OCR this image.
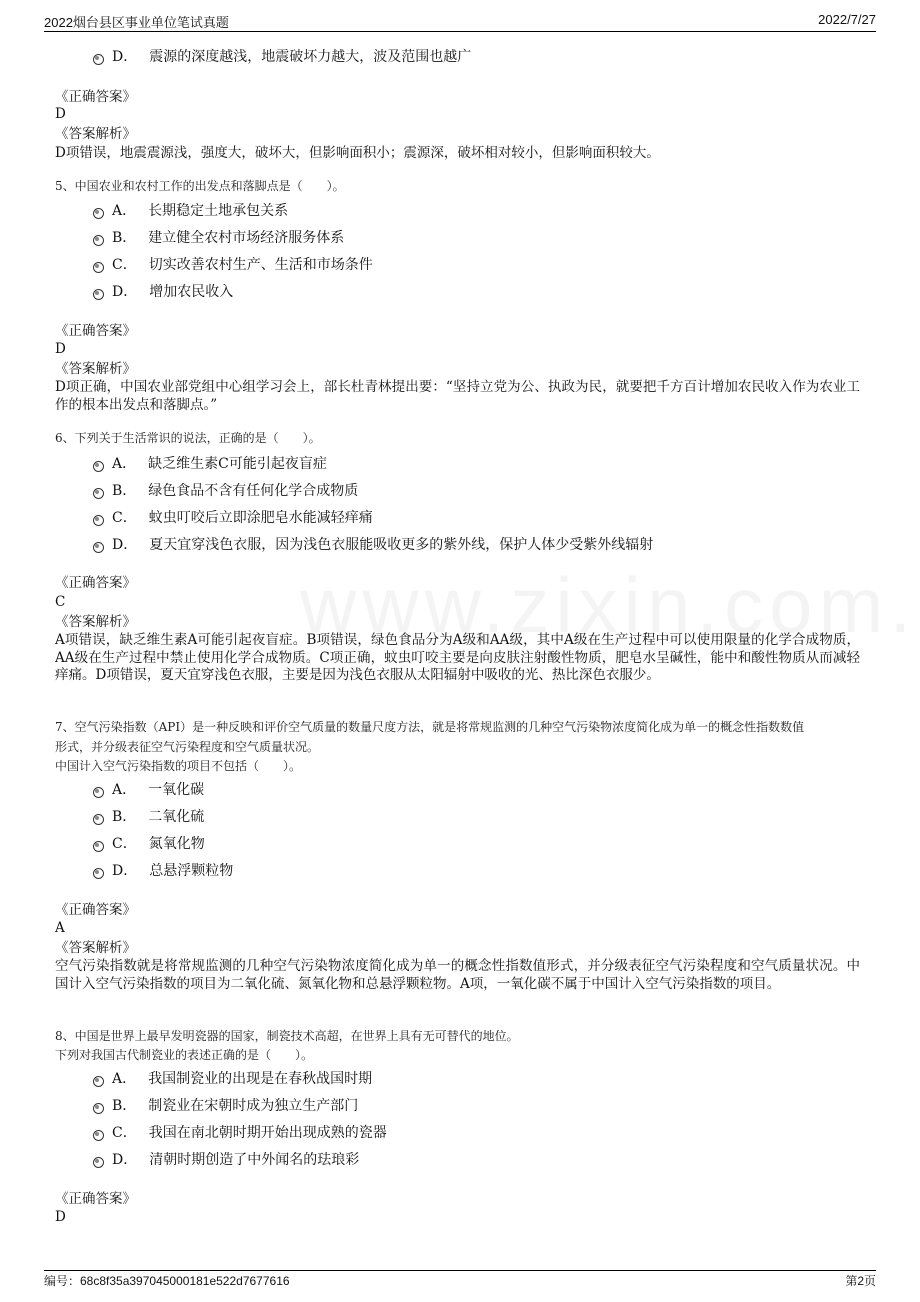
2022烟台县区事业单位笔试真题	2022/7/27
D． 震源的深度越浅，地震破坏力越大，波及范围也越广
《正确答案》
D
《答案解析》
D项错误，地震震源浅，强度大，破坏大，但影响面积小；震源深，破坏相对较小，但影响面积较大。
5、中国农业和农村工作的出发点和落脚点是（　　）。
A． 长期稳定土地承包关系
B． 建立健全农村市场经济服务体系
C． 切实改善农村生产、生活和市场条件
D． 增加农民收入
《正确答案》
D
《答案解析》
D项正确，中国农业部党组中心组学习会上，部长杜青林提出要：“坚持立党为公、执政为民，就要把千方百计增加农民收入作为农业工作的根本出发点和落脚点。”
6、下列关于生活常识的说法，正确的是（　　）。
A． 缺乏维生素C可能引起夜盲症
B． 绿色食品不含有任何化学合成物质
C． 蚊虫叮咬后立即涂肥皂水能减轻痒痛
D． 夏天宜穿浅色衣服，因为浅色衣服能吸收更多的紫外线，保护人体少受紫外线辐射
《正确答案》
C
《答案解析》
A项错误，缺乏维生素A可能引起夜盲症。B项错误，绿色食品分为A级和AA级，其中A级在生产过程中可以使用限量的化学合成物质，AA级在生产过程中禁止使用化学合成物质。C项正确，蚊虫叮咬主要是向皮肤注射酸性物质，肥皂水呈碱性，能中和酸性物质从而减轻痒痛。D项错误，夏天宜穿浅色衣服，主要是因为浅色衣服从太阳辐射中吸收的光、热比深色衣服少。
7、空气污染指数（API）是一种反映和评价空气质量的数量尺度方法，就是将常规监测的几种空气污染物浓度简化成为单一的概念性指数数值
形式，并分级表征空气污染程度和空气质量状况。
中国计入空气污染指数的项目不包括（　　）。
A． 一氧化碳
B． 二氧化硫
C． 氮氧化物
D． 总悬浮颗粒物
《正确答案》
A
《答案解析》
空气污染指数就是将常规监测的几种空气污染物浓度简化成为单一的概念性指数值形式，并分级表征空气污染程度和空气质量状况。中国计入空气污染指数的项目为二氧化硫、氮氧化物和总悬浮颗粒物。A项，一氧化碳不属于中国计入空气污染指数的项目。
8、中国是世界上最早发明瓷器的国家，制瓷技术高超，在世界上具有无可替代的地位。
下列对我国古代制瓷业的表述正确的是（　　）。
A． 我国制瓷业的出现是在春秋战国时期
B． 制瓷业在宋朝时成为独立生产部门
C． 我国在南北朝时期开始出现成熟的瓷器
D． 清朝时期创造了中外闻名的珐琅彩
《正确答案》
D
编号：68c8f35a397045000181e522d7677616	第2页
